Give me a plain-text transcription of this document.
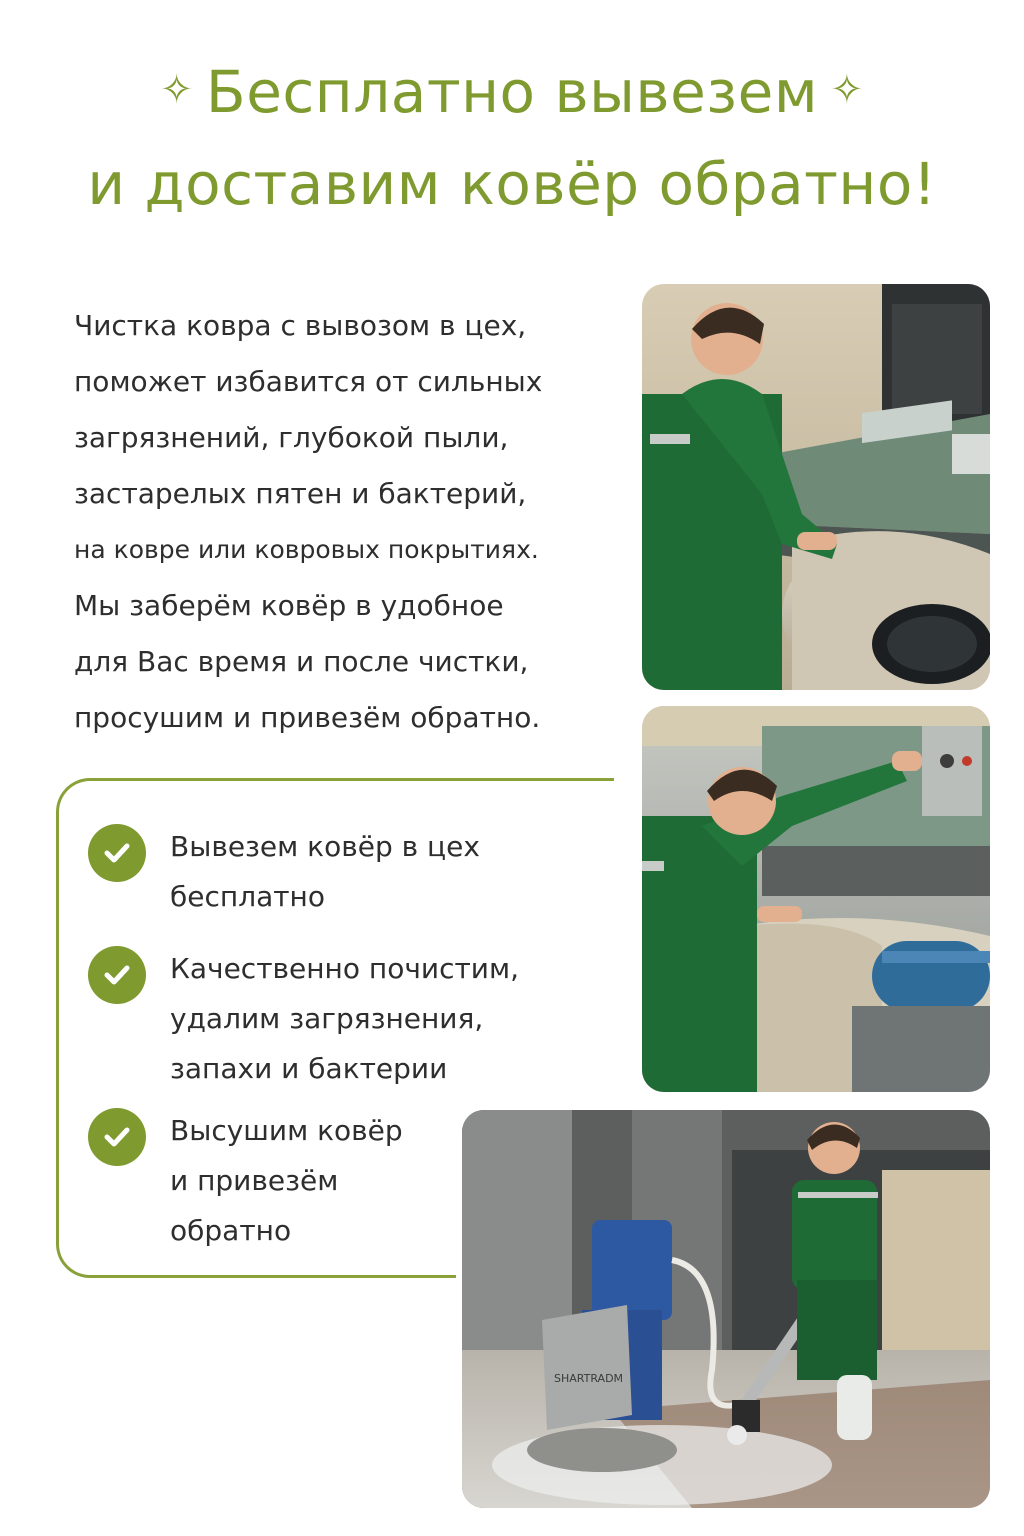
✧ Бесплатно вывезем ✧
и доставим ковёр обратно!

Чистка ковра с вывозом в цех,

поможет избавится от сильных

загрязнений, глубокой пыли,

застарелых пятен и бактерий,

на ковре или ковровых покрытиях.

Мы заберём ковёр в удобное

для Вас время и после чистки,

просушим и привезём обратно.

Вывезем ковёр в цех
бесплатно
Качественно почистим,
удалим загрязнения,
запахи и бактерии
Высушим ковёр
и привезём
обратно
SHARTRADM
